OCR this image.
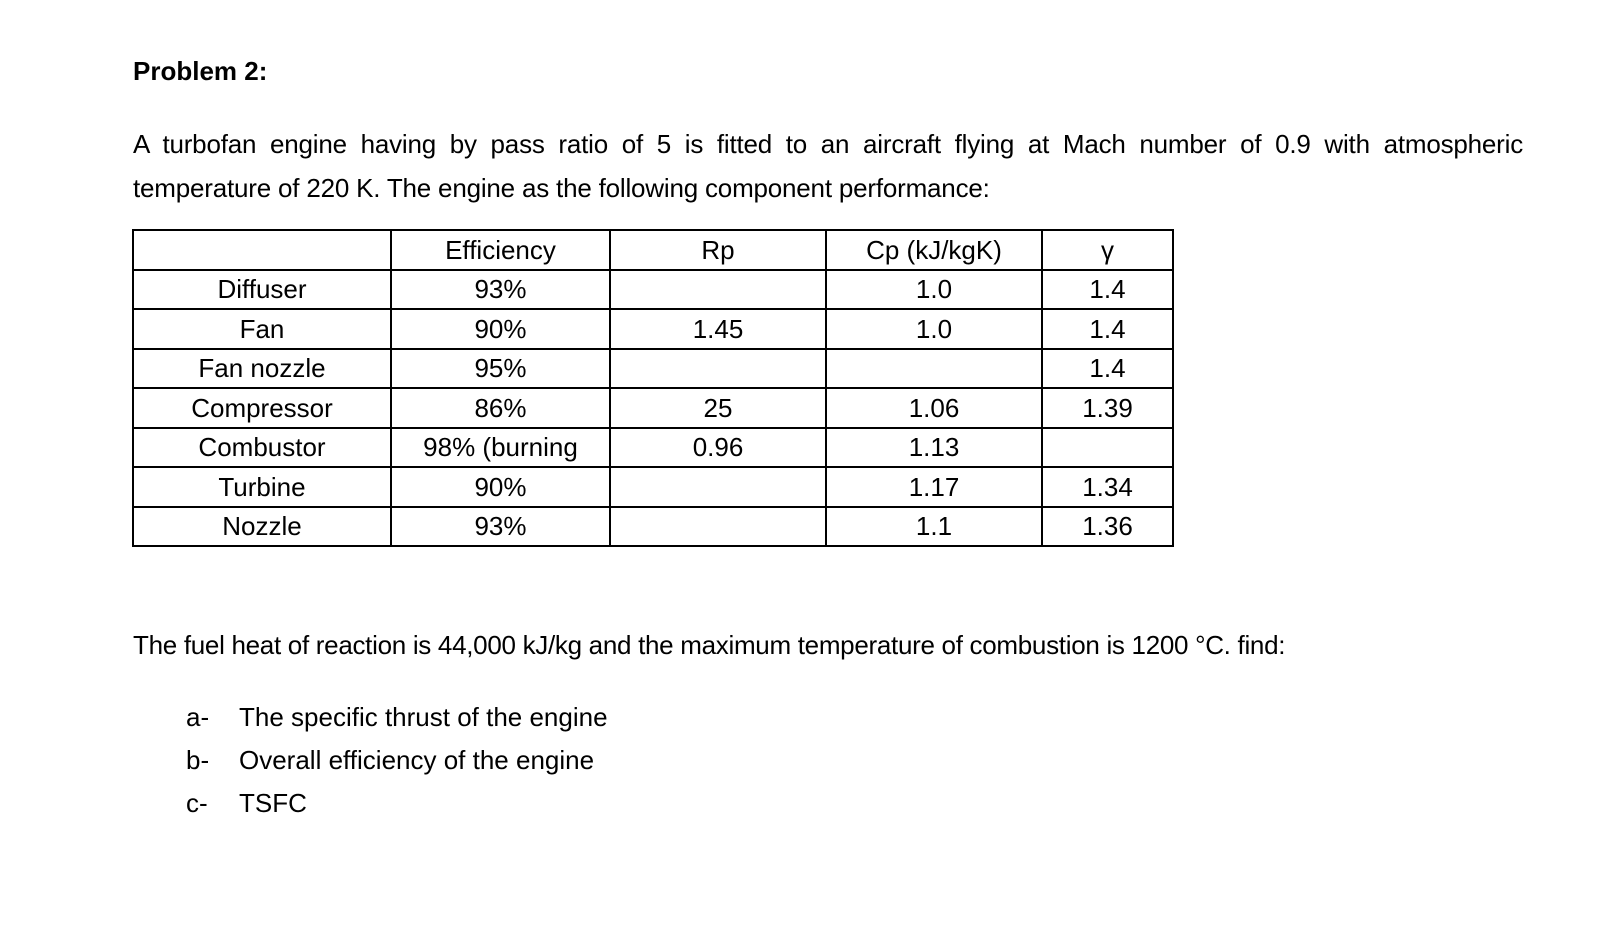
Problem 2:
A turbofan engine having by pass ratio of 5 is fitted to an aircraft flying at Mach number of 0.9 with atmospheric temperature of 220 K. The engine as the following component performance:
	Efficiency	Rp	Cp (kJ/kgK)	γ
Diffuser	93%		1.0	1.4
Fan	90%	1.45	1.0	1.4
Fan nozzle	95%			1.4
Compressor	86%	25	1.06	1.39
Combustor	98% (burning	0.96	1.13	
Turbine	90%		1.17	1.34
Nozzle	93%		1.1	1.36
The fuel heat of reaction is 44,000 kJ/kg and the maximum temperature of combustion is 1200 °C. find:
a-	The specific thrust of the engine
b-	Overall efficiency of the engine
c-	TSFC
